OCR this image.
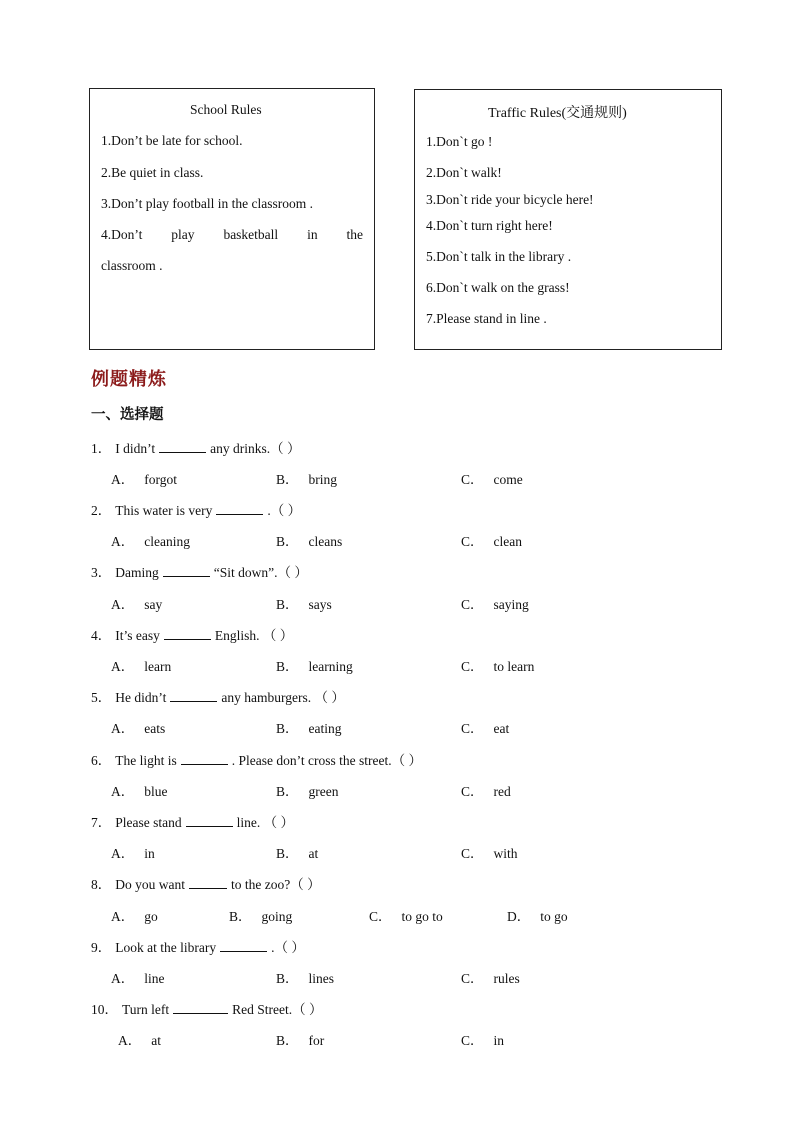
School Rules
1.Don’t be late for school.
2.Be quiet in class.
3.Don’t play football in the classroom .
4.Don’t play basketball in the
classroom .
Traffic Rules(交通规则)
1.Don`t go !
2.Don`t walk!
3.Don`t ride your bicycle here!
4.Don`t turn right here!
5.Don`t talk in the library .
6.Don`t walk on the grass!
7.Please stand in line .
例题精炼
一、选择题
1． I didn’t	any drinks.（ ）
A． forgot	B． bring	C． come
2． This water is very	.（ ）
A． cleaning	B． cleans	C． clean
3． Daming	“Sit down”.（ ）
A． say	B． says	C． saying
4． It’s easy	English. （ ）
A． learn	B． learning	C． to learn
5． He didn’t	any hamburgers. （ ）
A． eats	B． eating	C． eat
6． The light is	. Please don’t cross the street.（ ）
A． blue	B． green	C． red
7． Please stand	line. （ ）
A． in	B． at	C． with
8． Do you want	to the zoo?（ ）
A． go	B． going	C． to go to	D． to go
9． Look at the library	.（ ）
A． line	B． lines	C． rules
10． Turn left	Red Street.（ ）
A． at	B． for	C． in
